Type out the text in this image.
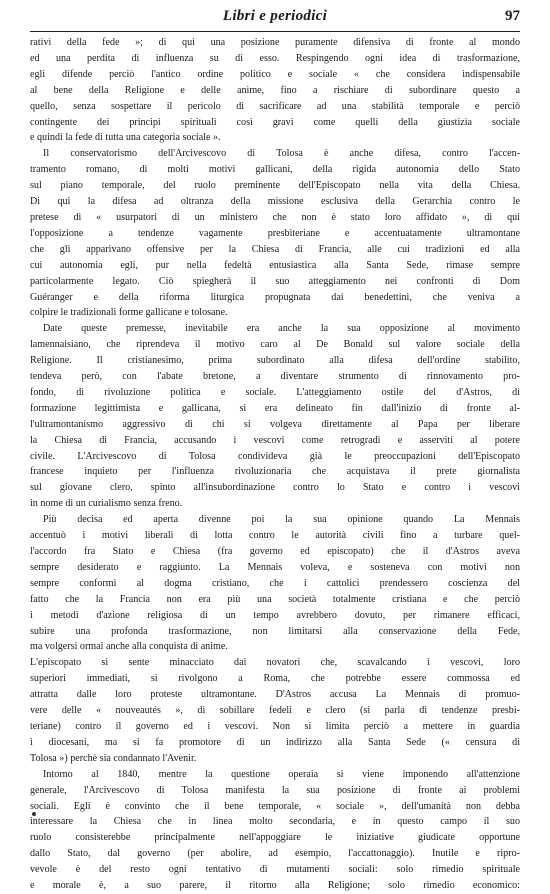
Libri e periodici	97
rativi della fede »; di qui una posizione puramente difensiva di fronte al mondo
ed una perdita di influenza su di esso. Respingendo ogni idea di trasformazione,
egli difende perciò l'antico ordine politico e sociale « che considera indispensabile
al bene della Religione e delle anime, fino a rischiare di subordinare questo a
quello, senza sospettare il pericolo di sacrificare ad una stabilità temporale e perciò
contingente dei principi spirituali così gravi come quelli della giustizia sociale
e quindi la fede di tutta una categoria sociale ».
Il conservatorismo dell'Arcivescovo di Tolosa è anche difesa, contro l'accen-
tramento romano, di molti motivi gallicani, della rigida autonomia dello Stato
sul piano temporale, del ruolo preminente dell'Episcopato nella vita della Chiesa.
Di qui la difesa ad oltranza della missione esclusiva della Gerarchia contro le
pretese di « usurpatori di un ministero che non è stato loro affidato », di qui
l'opposizione a tendenze vagamente presbiteriane e accentuatamente ultramontane
che gli apparivano offensive per la Chiesa di Francia, alle cui tradizioni ed alla
cui autonomia egli, pur nella fedeltà entusiastica alla Santa Sede, rimase sempre
particolarmente legato. Ciò spiegherà il suo atteggiamento nei confronti di Dom
Guéranger e della riforma liturgica propugnata dai benedettini, che veniva a
colpire le tradizionali forme gallicane e tolosane.
Date queste premesse, inevitabile era anche la sua opposizione al movimento
lamennaisiano, che riprendeva il motivo caro al De Bonald sul valore sociale della
Religione. Il cristianesimo, prima subordinato alla difesa dell'ordine stabilito,
tendeva però, con l'abate bretone, a diventare strumento di rinnovamento pro-
fondo, di rivoluzione politica e sociale. L'atteggiamento ostile del d'Astros, di
formazione legittimista e gallicana, si era delineato fin dall'inizio di fronte al-
l'ultramontanismo aggressivo di chi si volgeva direttamente al Papa per liberare
la Chiesa di Francia, accusando i vescovi come retrogradi e asserviti al potere
civile. L'Arcivescovo di Tolosa condivideva già le preoccupazioni dell'Episcopato
francese inquieto per l'influenza rivoluzionaria che acquistava il prete giornalista
sul giovane clero, spinto all'insubordinazione contro lo Stato e contro i vescovi
in nome di un curialismo senza freno.
Più decisa ed aperta divenne poi la sua opinione quando La Mennais
accentuò i motivi liberali di lotta contro le autorità civili fino a turbare quel-
l'accordo fra Stato e Chiesa (fra governo ed episcopato) che il d'Astros aveva
sempre desiderato e raggiunto. La Mennais voleva, e sosteneva con motivi non
sempre conformi al dogma cristiano, che i cattolici prendessero coscienza del
fatto che la Francia non era più una società totalmente cristiana e che perciò
i metodi d'azione religiosa di un tempo avrebbero dovuto, per rimanere efficaci,
subire una profonda trasformazione, non limitarsi alla conservazione della Fede,
ma volgersi ormai anche alla conquista di anime.
L'episcopato si sente minacciato dai novatori che, scavalcando i vescovi, loro
superiori immediati, si rivolgono a Roma, che potrebbe essere commossa ed
attratta dalle loro proteste ultramontane. D'Astros accusa La Mennais di promuo-
vere delle « nouveautés », di sobillare fedeli e clero (si parla di tendenze presbi-
teriane) contro il governo ed i vescovi. Non si limita perciò a mettere in guardia
i diocesani, ma si fa promotore di un indirizzo alla Santa Sede (« censura di
Tolosa ») perchè sia condannato l'Avenir.
Intorno al 1840, mentre la questione operaia si viene imponendo all'attenzione
generale, l'Arcivescovo di Tolosa manifesta la sua posizione di fronte ai problemi
sociali. Egli è convinto che il bene temporale, « sociale », dell'umanità non debba
interessare la Chiesa che in linea molto secondaria, e in questo campo il suo
ruolo consisterebbe principalmente nell'appoggiare le iniziative giudicate opportune
dallo Stato, dal governo (per abolire, ad esempio, l'accattonaggio). Inutile e ripro-
vevole è del resto ogni tentativo di mutamenti sociali: solo rimedio spirituale
e morale è, a suo parere, il ritorno alla Religione; solo rimedio economico:
